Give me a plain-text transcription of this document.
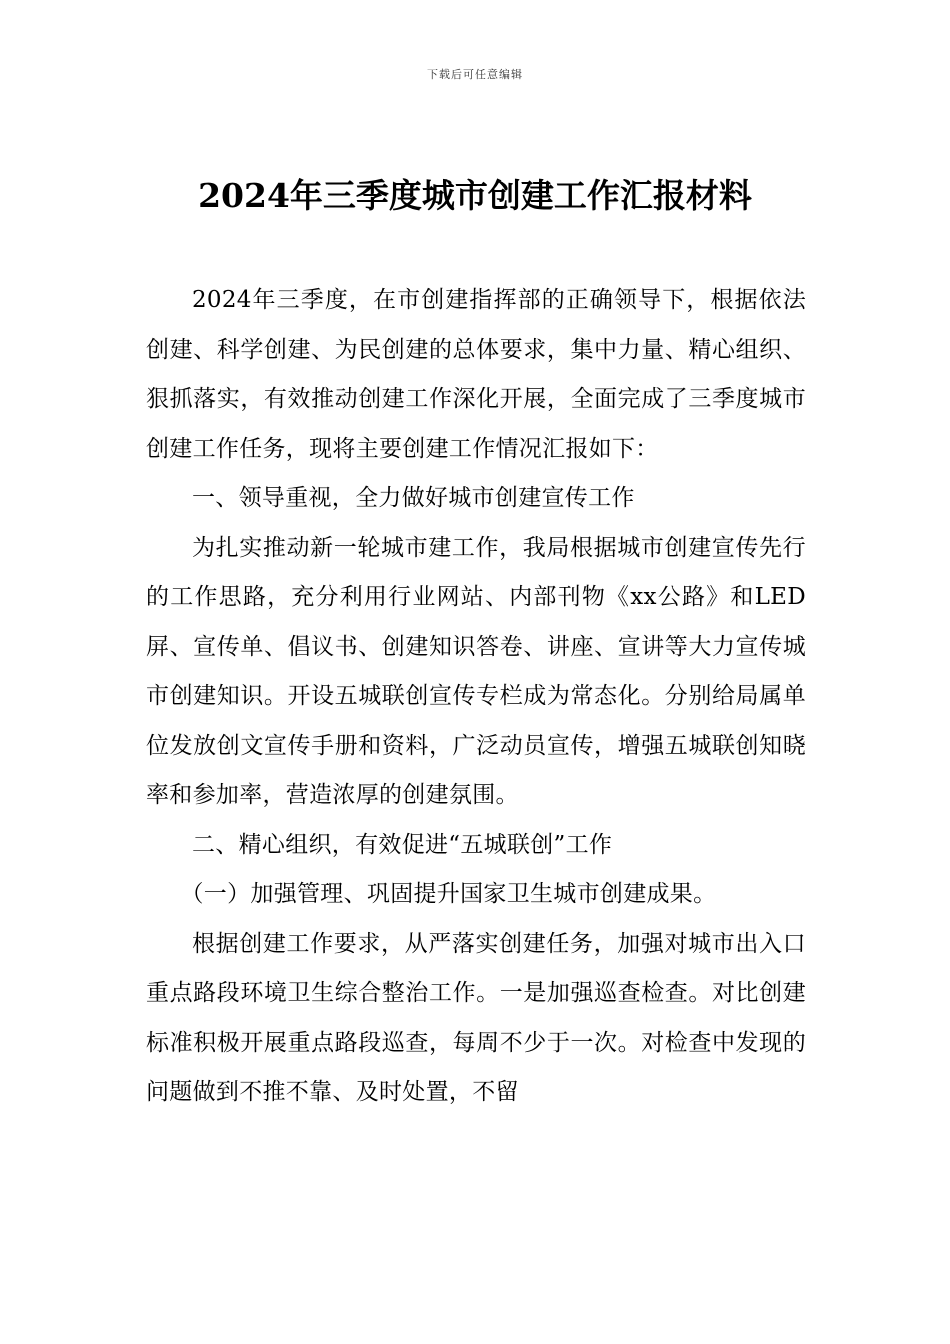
下载后可任意编辑
2024年三季度城市创建工作汇报材料

2024年三季度，在市创建指挥部的正确领导下，根据依法创建、科学创建、为民创建的总体要求，集中力量、精心组织、狠抓落实，有效推动创建工作深化开展，全面完成了三季度城市创建工作任务，现将主要创建工作情况汇报如下：

一、领导重视，全力做好城市创建宣传工作

为扎实推动新一轮城市建工作，我局根据城市创建宣传先行的工作思路，充分利用行业网站、内部刊物《xx公路》和LED屏、宣传单、倡议书、创建知识答卷、讲座、宣讲等大力宣传城市创建知识。开设五城联创宣传专栏成为常态化。分别给局属单位发放创文宣传手册和资料，广泛动员宣传，增强五城联创知晓率和参加率，营造浓厚的创建氛围。

二、精心组织，有效促进“五城联创”工作

（一）加强管理、巩固提升国家卫生城市创建成果。

根据创建工作要求，从严落实创建任务，加强对城市出入口重点路段环境卫生综合整治工作。一是加强巡查检查。对比创建标准积极开展重点路段巡查，每周不少于一次。对检查中发现的问题做到不推不靠、及时处置，不留
